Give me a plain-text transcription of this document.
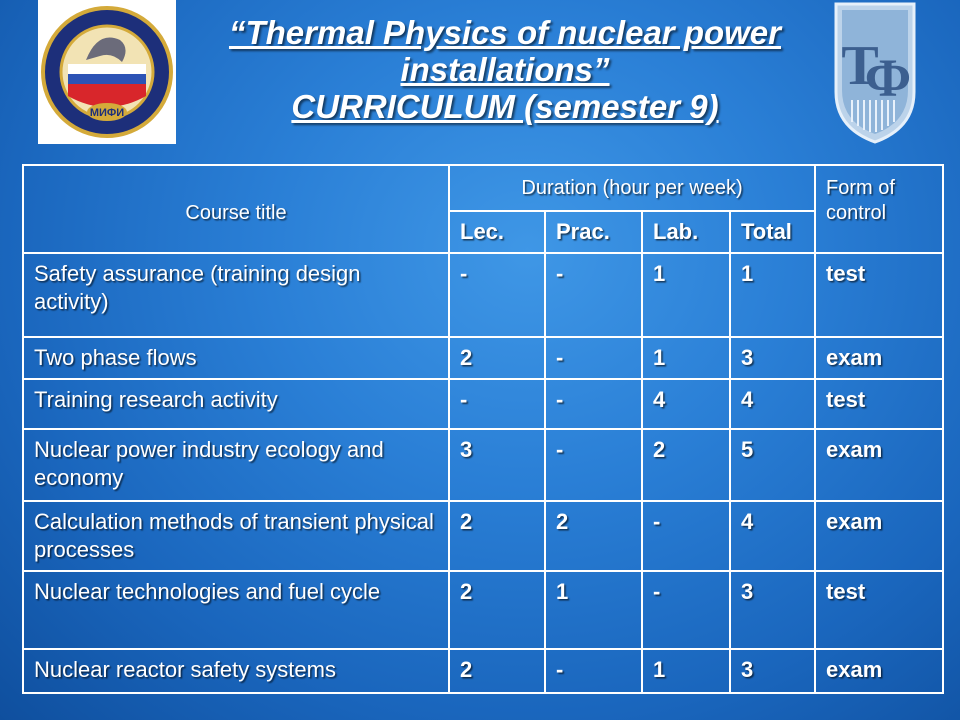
МИФИ
Т
Ф
“Thermal Physics of nuclear power
installations”
CURRICULUM (semester 9)
Course title	Duration (hour per week)				Form of control
	Lec.	Prac.	Lab.	Total	
Safety assurance (training design activity)	-	-	1	1	test
Two phase flows	2	-	1	3	exam
Training research activity	-	-	4	4	test
Nuclear power industry ecology and economy	3	-	2	5	exam
Calculation methods of transient physical processes	2	2	-	4	exam
Nuclear technologies and fuel cycle	2	1	-	3	test
Nuclear reactor safety systems	2	-	1	3	exam
